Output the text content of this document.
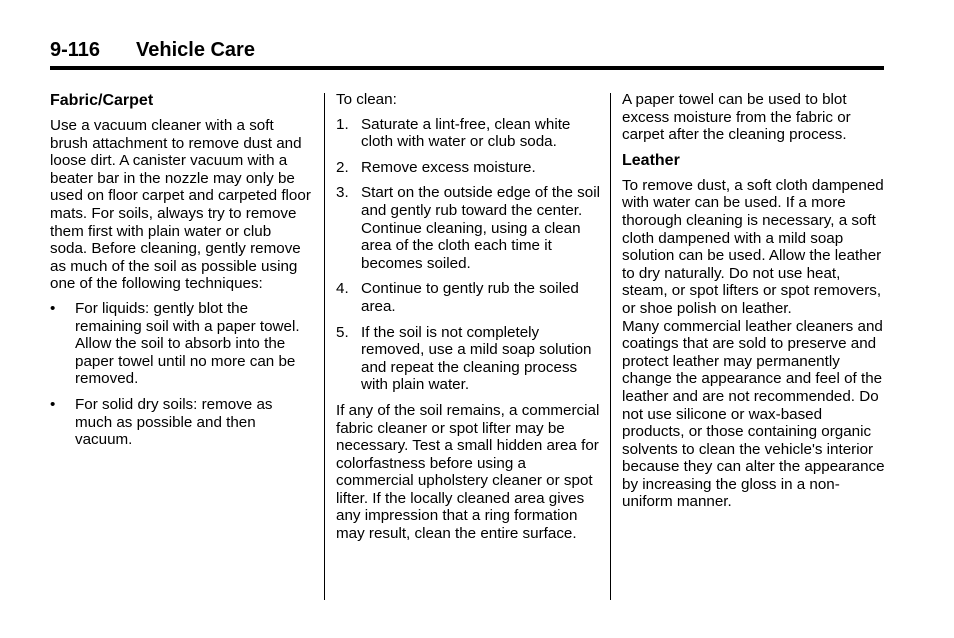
9-116 Vehicle Care
Fabric/Carpet

Use a vacuum cleaner with a soft brush attachment to remove dust and loose dirt. A canister vacuum with a beater bar in the nozzle may only be used on floor carpet and carpeted floor mats. For soils, always try to remove them first with plain water or club soda. Before cleaning, gently remove as much of the soil as possible using one of the following techniques:

• For liquids: gently blot the remaining soil with a paper towel. Allow the soil to absorb into the paper towel until no more can be removed.
• For solid dry soils: remove as much as possible and then vacuum.

To clean:

1. Saturate a lint-free, clean white cloth with water or club soda.
2. Remove excess moisture.
3. Start on the outside edge of the soil and gently rub toward the center. Continue cleaning, using a clean area of the cloth each time it becomes soiled.
4. Continue to gently rub the soiled area.
5. If the soil is not completely removed, use a mild soap solution and repeat the cleaning process with plain water.

If any of the soil remains, a commercial fabric cleaner or spot lifter may be necessary. Test a small hidden area for colorfastness before using a commercial upholstery cleaner or spot lifter. If the locally cleaned area gives any impression that a ring formation may result, clean the entire surface.

A paper towel can be used to blot excess moisture from the fabric or carpet after the cleaning process.

Leather

To remove dust, a soft cloth dampened with water can be used. If a more thorough cleaning is necessary, a soft cloth dampened with a mild soap solution can be used. Allow the leather to dry naturally. Do not use heat, steam, or spot lifters or spot removers, or shoe polish on leather.

Many commercial leather cleaners and coatings that are sold to preserve and protect leather may permanently change the appearance and feel of the leather and are not recommended. Do not use silicone or wax-based products, or those containing organic solvents to clean the vehicle's interior because they can alter the appearance by increasing the gloss in a non-uniform manner.
